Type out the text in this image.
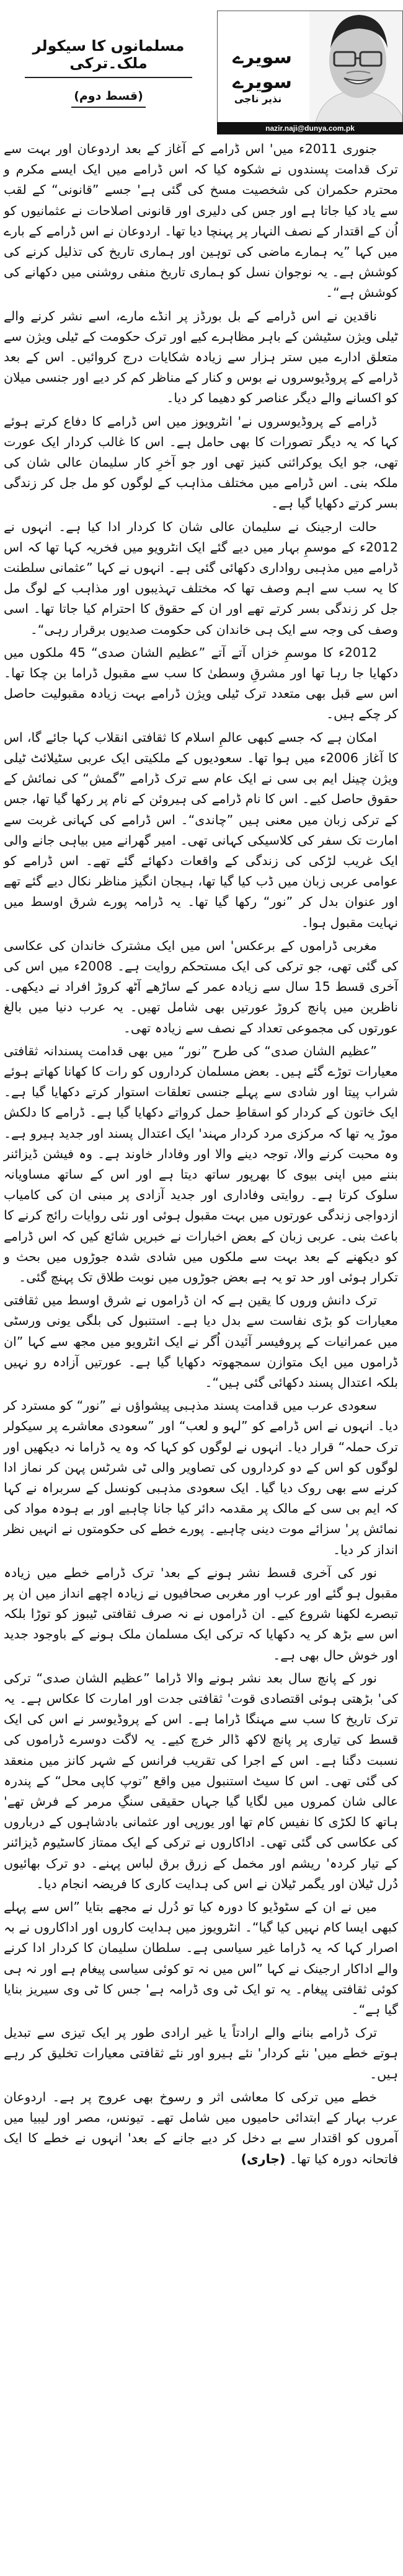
مسلمانوں کا سیکولر ملک۔ترکی
(قسط دوم)
سویرے
سویرے
نذیر ناجی
nazir.naji@dunya.com.pk

جنوری 2011ء میں' اس ڈرامے کے آغاز کے بعد اردوعان اور بہت سے ترک قدامت پسندوں نے شکوہ کیا کہ اس ڈرامے میں ایک ایسے مکرم و محترم حکمران کی شخصیت مسخ کی گئی ہے' جسے ”قانونی“ کے لقب سے یاد کیا جاتا ہے اور جس کی دلیری اور قانونی اصلاحات نے عثمانیوں کو اُن کے اقتدار کے نصف النہار پر پہنچا دیا تھا۔ اردوعان نے اس ڈرامے کے بارے میں کہا ”یہ ہمارے ماضی کی توہین اور ہماری تاریخ کی تذلیل کرنے کی کوشش ہے۔ یہ نوجوان نسل کو ہماری تاریخ منفی روشنی میں دکھانے کی کوشش ہے“۔

ناقدین نے اس ڈرامے کے بل بورڈز پر انڈے مارے، اسے نشر کرنے والے ٹیلی ویژن سٹیشن کے باہر مظاہرے کیے اور ترک حکومت کے ٹیلی ویژن سے متعلق ادارے میں ستر ہزار سے زیادہ شکایات درج کروائیں۔ اس کے بعد ڈرامے کے پروڈیوسروں نے بوس و کنار کے مناظر کم کر دیے اور جنسی میلان کو اکسانے والے دیگر عناصر کو دھیما کر دیا۔

ڈرامے کے پروڈیوسروں نے' انٹرویوز میں اس ڈرامے کا دفاع کرتے ہوئے کہا کہ یہ دیگر تصورات کا بھی حامل ہے۔ اس کا غالب کردار ایک عورت تھی، جو ایک یوکرائنی کنیز تھی اور جو آخرِ کار سلیمان عالی شان کی ملکہ بنی۔ اس ڈرامے میں مختلف مذاہب کے لوگوں کو مل جل کر زندگی بسر کرتے دکھایا گیا ہے۔

حالت ارجینک نے سلیمان عالی شان کا کردار ادا کیا ہے۔ انہوں نے 2012ء کے موسمِ بہار میں دیے گئے ایک انٹرویو میں فخریہ کہا تھا کہ اس ڈرامے میں مذہبی رواداری دکھائی گئی ہے۔ انہوں نے کہا ”عثمانی سلطنت کا یہ سب سے اہم وصف تھا کہ مختلف تہذیبوں اور مذاہب کے لوگ مل جل کر زندگی بسر کرتے تھے اور ان کے حقوق کا احترام کیا جاتا تھا۔ اسی وصف کی وجہ سے ایک ہی خاندان کی حکومت صدیوں برقرار رہی“۔

2012ء کا موسمِ خزاں آتے آتے ”عظیم الشان صدی“ 45 ملکوں میں دکھایا جا رہا تھا اور مشرقِ وسطیٰ کا سب سے مقبول ڈراما بن چکا تھا۔ اس سے قبل بھی متعدد ترک ٹیلی ویژن ڈرامے بہت زیادہ مقبولیت حاصل کر چکے ہیں۔

امکان ہے کہ جسے کبھی عالمِ اسلام کا ثقافتی انقلاب کہا جائے گا، اس کا آغاز 2006ء میں ہوا تھا۔ سعودیوں کے ملکیتی ایک عربی سٹیلائٹ ٹیلی ویژن چینل ایم بی سی نے ایک عام سے ترک ڈرامے ”گمش“ کی نمائش کے حقوق حاصل کیے۔ اس کا نام ڈرامے کی ہیروئن کے نام پر رکھا گیا تھا، جس کے ترکی زبان میں معنی ہیں ”چاندی“۔ اس ڈرامے کی کہانی غربت سے امارت تک سفر کی کلاسیکی کہانی تھی۔ امیر گھرانے میں بیاہی جانے والی ایک غریب لڑکی کی زندگی کے واقعات دکھائے گئے تھے۔ اس ڈرامے کو عوامی عربی زبان میں ڈب کیا گیا تھا، ہیجان انگیز مناظر نکال دیے گئے تھے اور عنوان بدل کر ”نور“ رکھا گیا تھا۔ یہ ڈرامہ پورے شرق اوسط میں نہایت مقبول ہوا۔

مغربی ڈراموں کے برعکس' اس میں ایک مشترک خاندان کی عکاسی کی گئی تھی، جو ترکی کی ایک مستحکم روایت ہے۔ 2008ء میں اس کی آخری قسط 15 سال سے زیادہ عمر کے ساڑھے آٹھ کروڑ افراد نے دیکھی۔ ناظرین میں پانچ کروڑ عورتیں بھی شامل تھیں۔ یہ عرب دنیا میں بالغ عورتوں کی مجموعی تعداد کے نصف سے زیادہ تھی۔

”عظیم الشان صدی“ کی طرح ”نور“ میں بھی قدامت پسندانہ ثقافتی معیارات توڑے گئے ہیں۔ بعض مسلمان کرداروں کو رات کا کھانا کھاتے ہوئے شراب پیتا اور شادی سے پہلے جنسی تعلقات استوار کرتے دکھایا گیا ہے۔ ایک خاتون کے کردار کو اسقاطِ حمل کرواتے دکھایا گیا ہے۔ ڈرامے کا دلکش موڑ یہ تھا کہ مرکزی مرد کردار مہند' ایک اعتدال پسند اور جدید ہیرو ہے۔ وہ محبت کرنے والا، توجہ دینے والا اور وفادار خاوند ہے۔ وہ فیشن ڈیزائنر بننے میں اپنی بیوی کا بھرپور ساتھ دیتا ہے اور اس کے ساتھ مساویانہ سلوک کرتا ہے۔ روایتی وفاداری اور جدید آزادی پر مبنی ان کی کامیاب ازدواجی زندگی عورتوں میں بہت مقبول ہوئی اور نئی روایات رائج کرنے کا باعث بنی۔ عربی زبان کے بعض اخبارات نے خبریں شائع کیں کہ اس ڈرامے کو دیکھنے کے بعد بہت سے ملکوں میں شادی شدہ جوڑوں میں بحث و تکرار ہوئی اور حد تو یہ ہے بعض جوڑوں میں نوبت طلاق تک پہنچ گئی۔

ترک دانش وروں کا یقین ہے کہ ان ڈراموں نے شرق اوسط میں ثقافتی معیارات کو بڑی نفاست سے بدل دیا ہے۔ استنبول کی بلگی یونی ورسٹی میں عمرانیات کے پروفیسر آئیدن اُگر نے ایک انٹرویو میں مجھ سے کہا ”ان ڈراموں میں ایک متوازن سمجھوتہ دکھایا گیا ہے۔ عورتیں آزادہ رو نہیں بلکہ اعتدال پسند دکھائی گئی ہیں“۔

سعودی عرب میں قدامت پسند مذہبی پیشواؤں نے ”نور“ کو مسترد کر دیا۔ انہوں نے اس ڈرامے کو ”لہو و لعب“ اور ”سعودی معاشرے پر سیکولر ترک حملہ“ قرار دیا۔ انہوں نے لوگوں کو کہا کہ وہ یہ ڈراما نہ دیکھیں اور لوگوں کو اس کے دو کرداروں کی تصاویر والی ٹی شرٹس پہن کر نماز ادا کرنے سے بھی روک دیا گیا۔ ایک سعودی مذہبی کونسل کے سربراہ نے کہا کہ ایم بی سی کے مالک پر مقدمہ دائر کیا جانا چاہیے اور بے ہودہ مواد کی نمائش پر' سزائے موت دینی چاہیے۔ پورے خطے کی حکومتوں نے انہیں نظر انداز کر دیا۔

نور کی آخری قسط نشر ہونے کے بعد' ترک ڈرامے خطے میں زیادہ مقبول ہو گئے اور عرب اور مغربی صحافیوں نے زیادہ اچھے انداز میں ان پر تبصرے لکھنا شروع کیے۔ ان ڈراموں نے نہ صرف ثقافتی ٹیبوز کو توڑا بلکہ اس سے بڑھ کر یہ دکھایا کہ ترکی ایک مسلمان ملک ہونے کے باوجود جدید اور خوش حال بھی ہے۔

نور کے پانچ سال بعد نشر ہونے والا ڈراما ”عظیم الشان صدی“ ترکی کی' بڑھتی ہوئی اقتصادی قوت' ثقافتی جدت اور امارت کا عکاس ہے۔ یہ ترک تاریخ کا سب سے مہنگا ڈراما ہے۔ اس کے پروڈیوسر نے اس کی ایک قسط کی تیاری پر پانچ لاکھ ڈالر خرچ کیے۔ یہ لاگت دوسرے ڈراموں کی نسبت دگنا ہے۔ اس کے اجرا کی تقریب فرانس کے شہر کانز میں منعقد کی گئی تھی۔ اس کا سیٹ استنبول میں واقع ”توپ کاپی محل“ کے پندرہ عالی شان کمروں میں لگایا گیا جہاں حقیقی سنگِ مرمر کے فرش تھے' ہاتھ کا لکڑی کا نفیس کام تھا اور یورپی اور عثمانی بادشاہوں کے درباروں کی عکاسی کی گئی تھی۔ اداکاروں نے ترکی کے ایک ممتاز کاسٹیوم ڈیزائنر کے تیار کردہ' ریشم اور مخمل کے زرق برق لباس پہنے۔ دو ترک بھائیوں دُرل ٹیلان اور یگمر ٹیلان نے اس کی ہدایت کاری کا فریضہ انجام دیا۔

میں نے ان کے سٹوڈیو کا دورہ کیا تو دُرل نے مجھے بتایا ”اس سے پہلے کبھی ایسا کام نہیں کیا گیا“۔ انٹرویوز میں ہدایت کاروں اور اداکاروں نے بہ اصرار کہا کہ یہ ڈراما غیر سیاسی ہے۔ سلطان سلیمان کا کردار ادا کرنے والے اداکار ارجینک نے کہا ”اس میں نہ تو کوئی سیاسی پیغام ہے اور نہ ہی کوئی ثقافتی پیغام۔ یہ تو ایک ٹی وی ڈرامہ ہے' جس کا ٹی وی سیریز بنایا گیا ہے“۔

ترک ڈرامے بنانے والے ارادتاً یا غیر ارادی طور پر ایک تیزی سے تبدیل ہوتے خطے میں' نئے کردار' نئے ہیرو اور نئے ثقافتی معیارات تخلیق کر رہے ہیں۔

خطے میں ترکی کا معاشی اثر و رسوخ بھی عروج پر ہے۔ اردوعان عرب بہار کے ابتدائی حامیوں میں شامل تھے۔ تیونس، مصر اور لیبیا میں آمروں کو اقتدار سے بے دخل کر دیے جانے کے بعد' انہوں نے خطے کا ایک فاتحانہ دورہ کیا تھا۔ (جاری)
